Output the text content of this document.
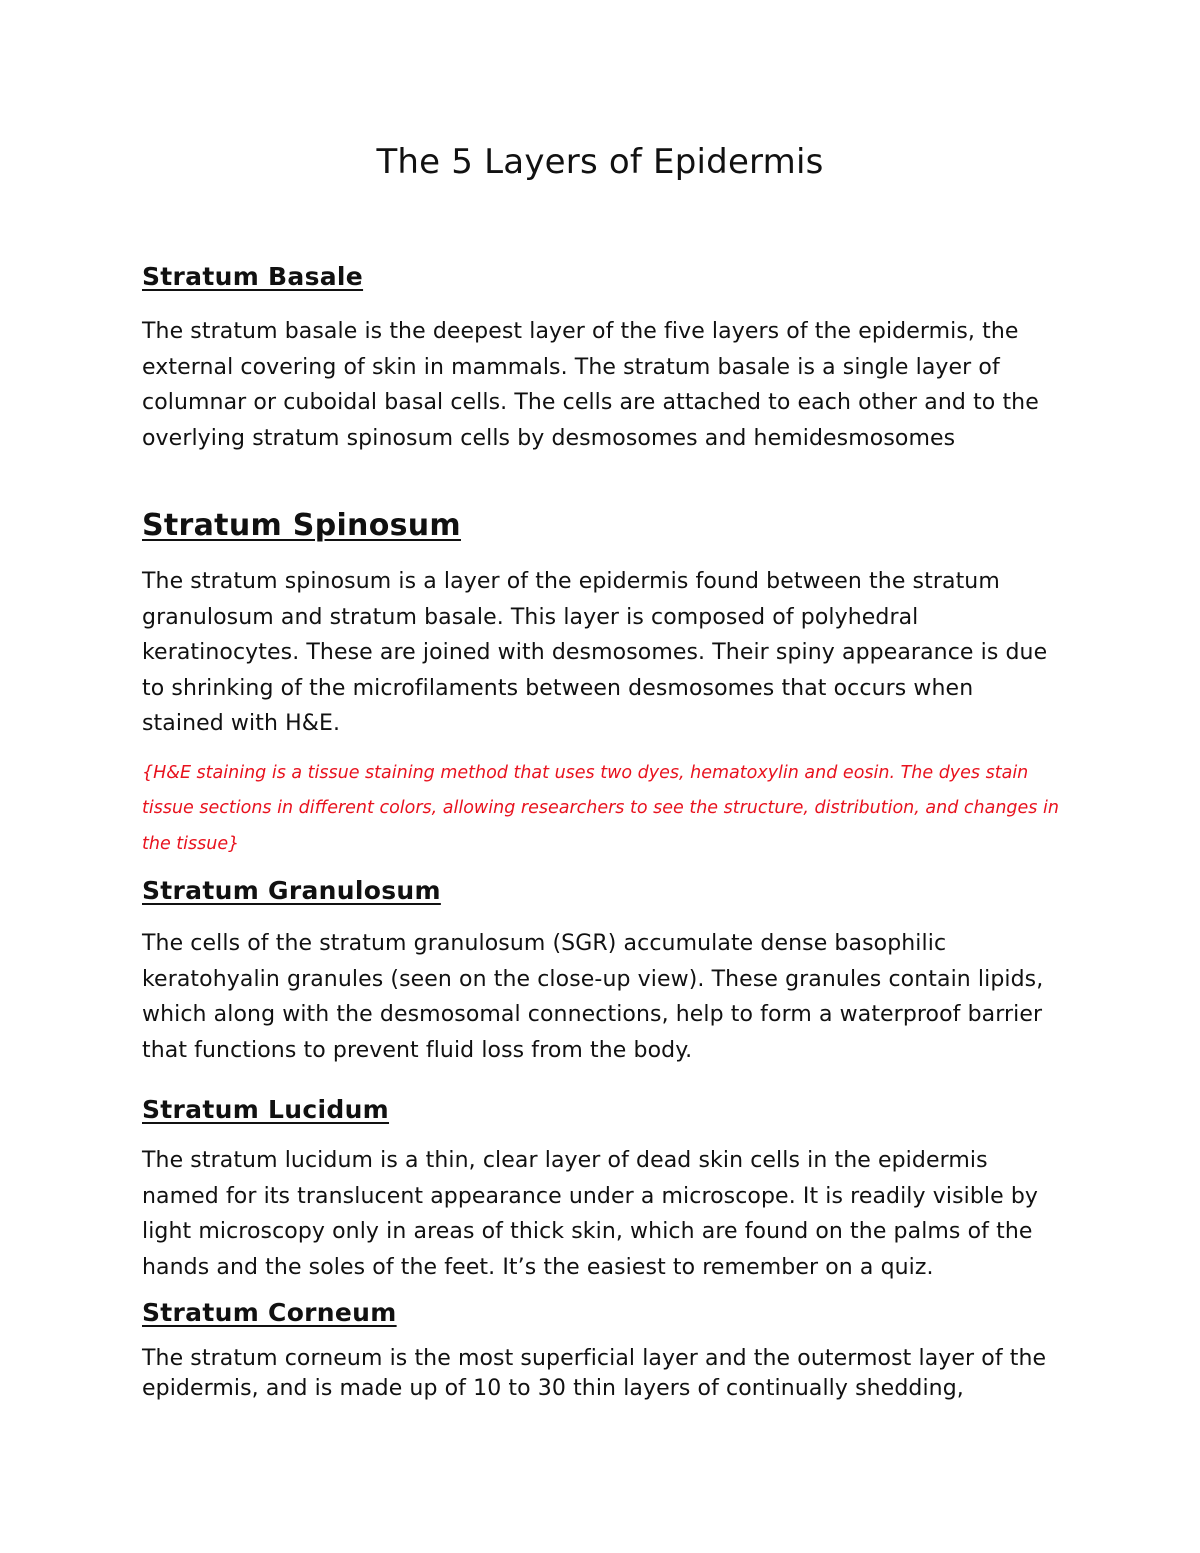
The 5 Layers of Epidermis
Stratum Basale

The stratum basale is the deepest layer of the five layers of the epidermis, the external covering of skin in mammals. The stratum basale is a single layer of columnar or cuboidal basal cells. The cells are attached to each other and to the overlying stratum spinosum cells by desmosomes and hemidesmosomes

Stratum Spinosum

The stratum spinosum is a layer of the epidermis found between the stratum granulosum and stratum basale. This layer is composed of polyhedral keratinocytes. These are joined with desmosomes. Their spiny appearance is due to shrinking of the microfilaments between desmosomes that occurs when stained with H&E.

{H&E staining is a tissue staining method that uses two dyes, hematoxylin and eosin. The dyes stain tissue sections in different colors, allowing researchers to see the structure, distribution, and changes in the tissue}

Stratum Granulosum

The cells of the stratum granulosum (SGR) accumulate dense basophilic keratohyalin granules (seen on the close-up view). These granules contain lipids, which along with the desmosomal connections, help to form a waterproof barrier that functions to prevent fluid loss from the body.

Stratum Lucidum

The stratum lucidum is a thin, clear layer of dead skin cells in the epidermis named for its translucent appearance under a microscope. It is readily visible by light microscopy only in areas of thick skin, which are found on the palms of the hands and the soles of the feet. It’s the easiest to remember on a quiz.

Stratum Corneum

The stratum corneum is the most superficial layer and the outermost layer of the epidermis, and is made up of 10 to 30 thin layers of continually shedding,
